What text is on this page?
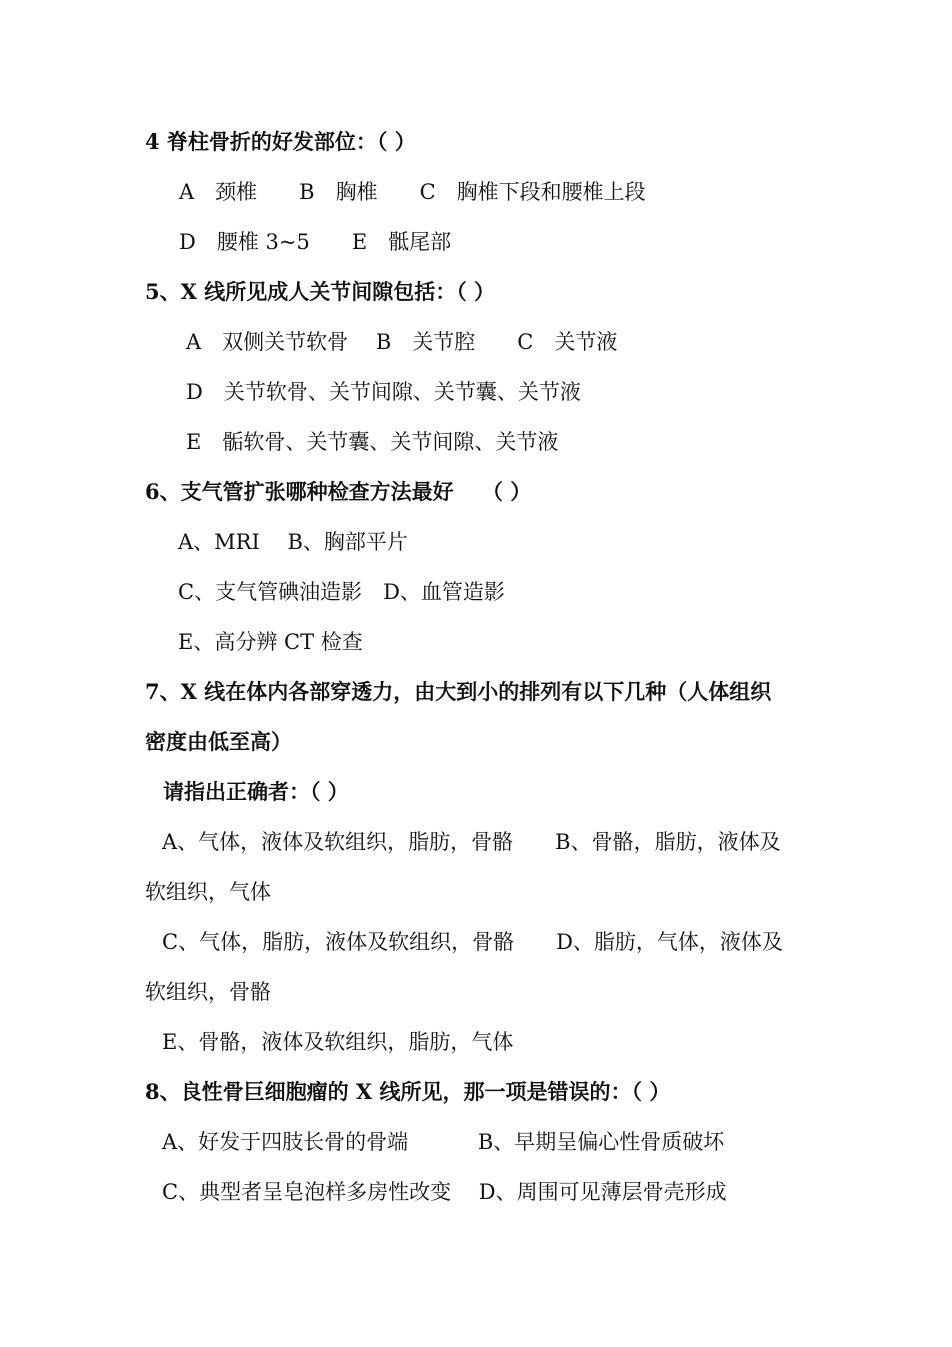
4 脊柱骨折的好发部位：（ ）
A　颈椎　　B　胸椎　　C　胸椎下段和腰椎上段
D　腰椎 3~5　　E　骶尾部
5、X 线所见成人关节间隙包括：（ ）
A　双侧关节软骨　 B　关节腔　　C　关节液
D　关节软骨、关节间隙、关节囊、关节液
E　骺软骨、关节囊、关节间隙、关节液
6、支气管扩张哪种检查方法最好　 （ ）
A、MRI　 B、胸部平片
C、支气管碘油造影　D、血管造影
E、高分辨 CT 检查
7、X 线在体内各部穿透力，由大到小的排列有以下几种（人体组织
密度由低至高）
请指出正确者：（ ）
A、气体，液体及软组织，脂肪，骨骼　　B、骨骼，脂肪，液体及
软组织，气体
C、气体，脂肪，液体及软组织，骨骼　　D、脂肪，气体，液体及
软组织，骨骼
E、骨骼，液体及软组织，脂肪，气体
8、良性骨巨细胞瘤的 X 线所见，那一项是错误的：（ ）
A、好发于四肢长骨的骨端　　　 B、早期呈偏心性骨质破坏
C、典型者呈皂泡样多房性改变　 D、周围可见薄层骨壳形成
